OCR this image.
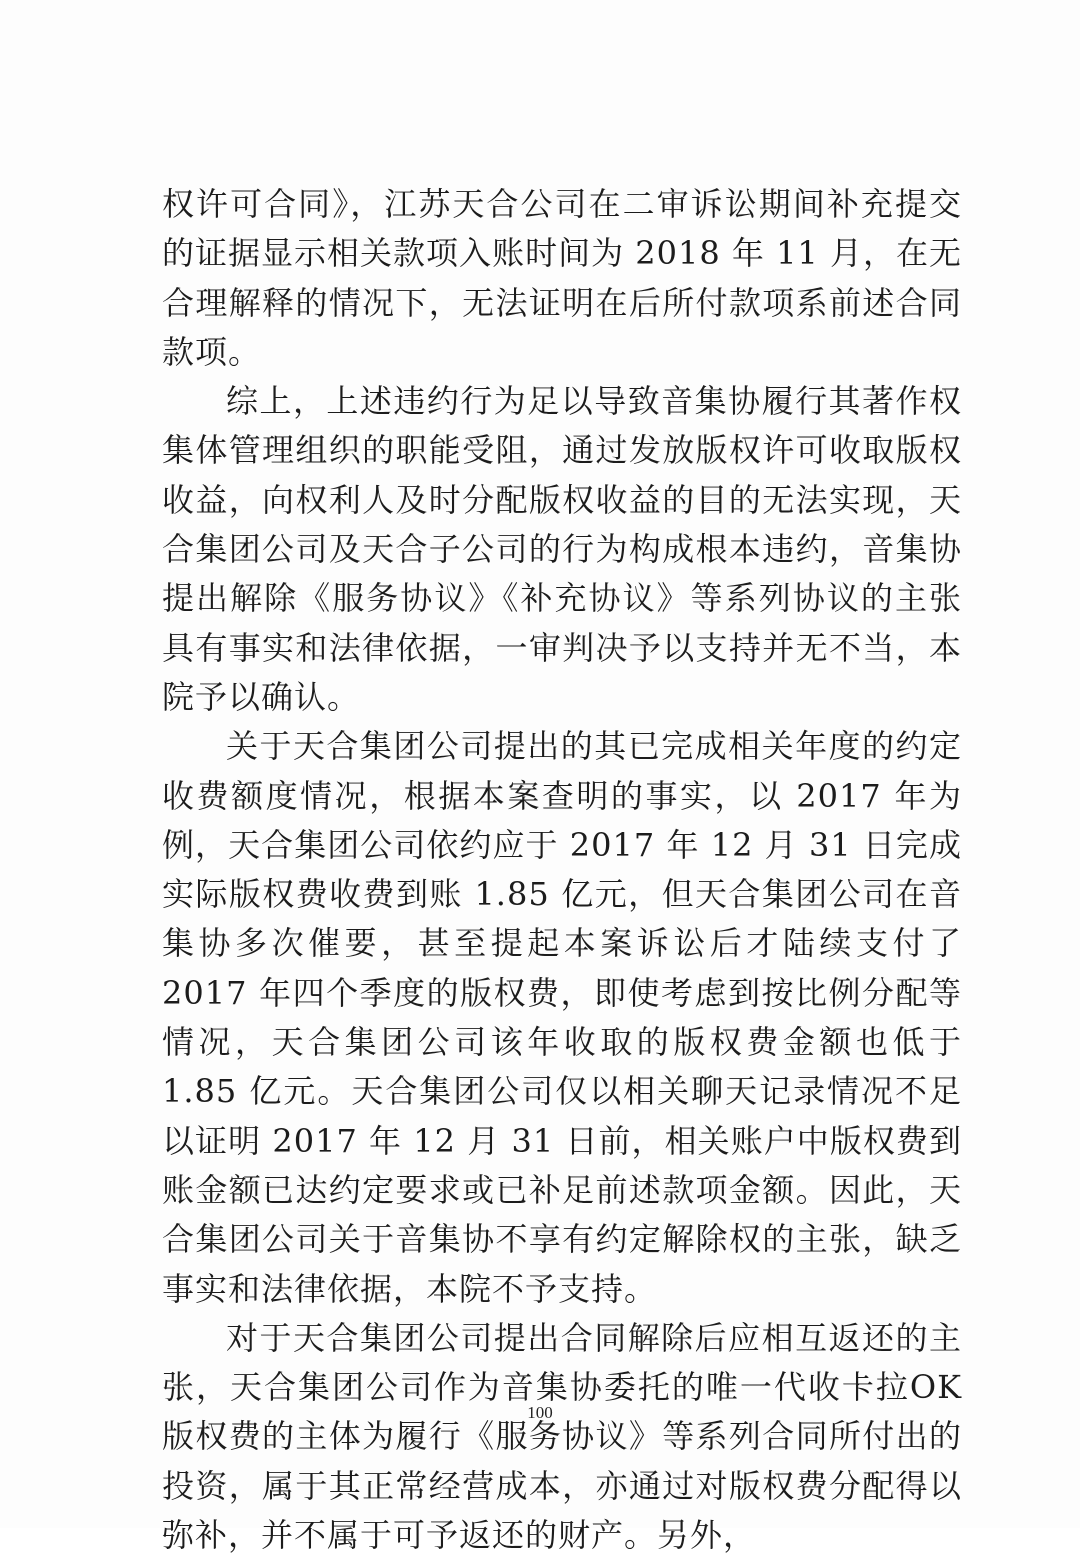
权许可合同》，江苏天合公司在二审诉讼期间补充提交的证据显示相关款项入账时间为 2018 年 11 月，在无合理解释的情况下，无法证明在后所付款项系前述合同款项。

综上，上述违约行为足以导致音集协履行其著作权集体管理组织的职能受阻，通过发放版权许可收取版权收益，向权利人及时分配版权收益的目的无法实现，天合集团公司及天合子公司的行为构成根本违约，音集协提出解除《服务协议》《补充协议》等系列协议的主张具有事实和法律依据，一审判决予以支持并无不当，本院予以确认。

关于天合集团公司提出的其已完成相关年度的约定收费额度情况，根据本案查明的事实，以 2017 年为例，天合集团公司依约应于 2017 年 12 月 31 日完成实际版权费收费到账 1.85 亿元，但天合集团公司在音集协多次催要，甚至提起本案诉讼后才陆续支付了 2017 年四个季度的版权费，即使考虑到按比例分配等情况，天合集团公司该年收取的版权费金额也低于 1.85 亿元。天合集团公司仅以相关聊天记录情况不足以证明 2017 年 12 月 31 日前，相关账户中版权费到账金额已达约定要求或已补足前述款项金额。因此，天合集团公司关于音集协不享有约定解除权的主张，缺乏事实和法律依据，本院不予支持。

对于天合集团公司提出合同解除后应相互返还的主张，天合集团公司作为音集协委托的唯一代收卡拉OK版权费的主体为履行《服务协议》等系列合同所付出的投资，属于其正常经营成本，亦通过对版权费分配得以弥补，并不属于可予返还的财产。另外，

100
